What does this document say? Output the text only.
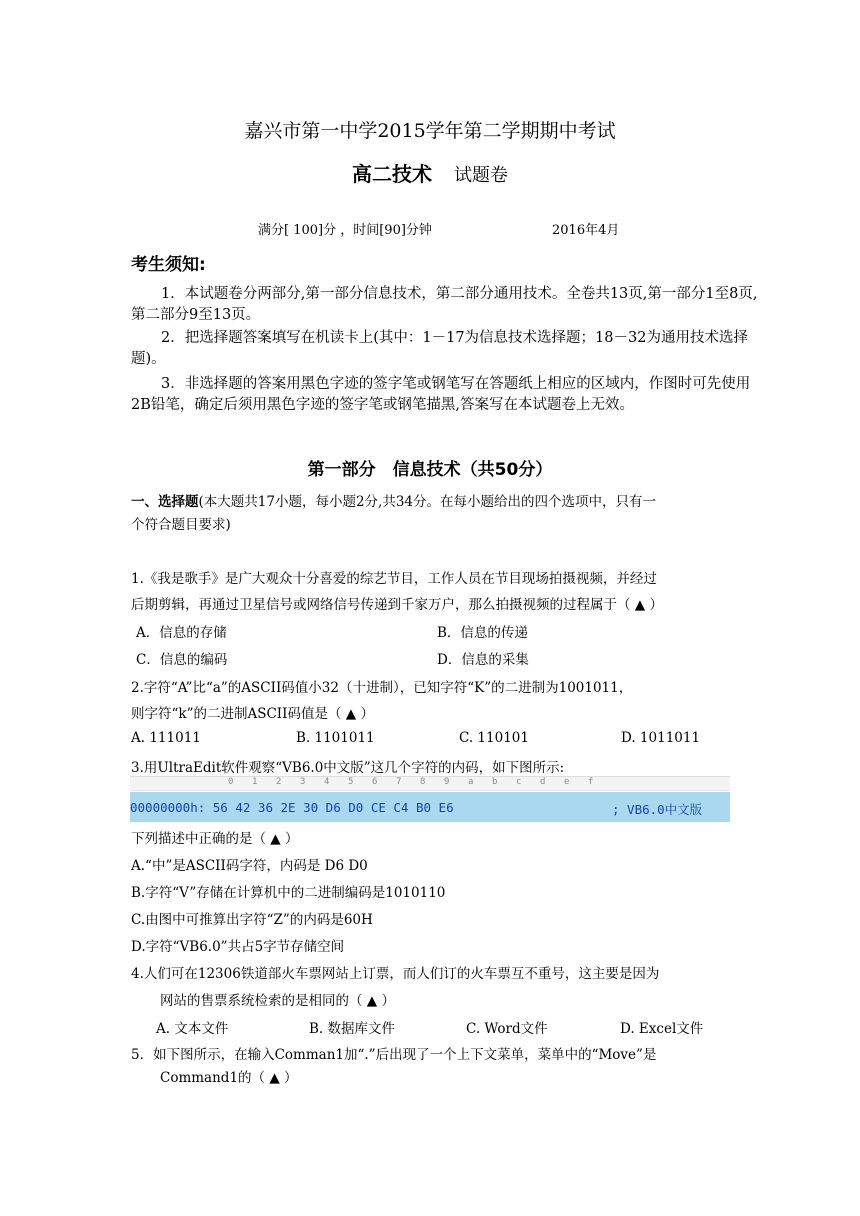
嘉兴市第一中学2015学年第二学期期中考试
高二技术 试题卷
满分[ 100]分 ，时间[90]分钟	2016年4月
考生须知:
1．本试题卷分两部分,第一部分信息技术，第二部分通用技术。全卷共13页,第一部分1至8页,第二部分9至13页。
2．把选择题答案填写在机读卡上(其中：1－17为信息技术选择题；18－32为通用技术选择题)。
3．非选择题的答案用黑色字迹的签字笔或钢笔写在答题纸上相应的区域内，作图时可先使用2B铅笔，确定后须用黑色字迹的签字笔或钢笔描黑,答案写在本试题卷上无效。
第一部分　信息技术（共50分）
一、选择题(本大题共17小题，每小题2分,共34分。在每小题给出的四个选项中，只有一
个符合题目要求)
1.《我是歌手》是广大观众十分喜爱的综艺节目，工作人员在节目现场拍摄视频，并经过
后期剪辑，再通过卫星信号或网络信号传递到千家万户，那么拍摄视频的过程属于（ ▲ ）
A．信息的存储	B．信息的传递
C．信息的编码	D．信息的采集
2.字符“A”比“a”的ASCII码值小32（十进制），已知字符“K”的二进制为1001011，
则字符“k”的二进制ASCII码值是（ ▲ ）
A. 111011	B. 1101011	C. 110101	D. 1011011
3.用UltraEdit软件观察“VB6.0中文版”这几个字符的内码，如下图所示:
0 1 2 3 4 5 6 7 8 9 a b c d e f
00000000h: 56 42 36 2E 30 D6 D0 CE C4 B0 E6	; VB6.0中文版
下列描述中正确的是（ ▲ ）
A.“中”是ASCII码字符，内码是 D6 D0
B.字符“V”存储在计算机中的二进制编码是1010110
C.由图中可推算出字符“Z”的内码是60H
D.字符“VB6.0”共占5字节存储空间
4.人们可在12306铁道部火车票网站上订票，而人们订的火车票互不重号，这主要是因为
网站的售票系统检索的是相同的（ ▲ ）
A. 文本文件	B. 数据库文件	C. Word文件	D. Excel文件
5．如下图所示，在输入Comman1加“.”后出现了一个上下文菜单，菜单中的“Move”是
Command1的（ ▲ ）
